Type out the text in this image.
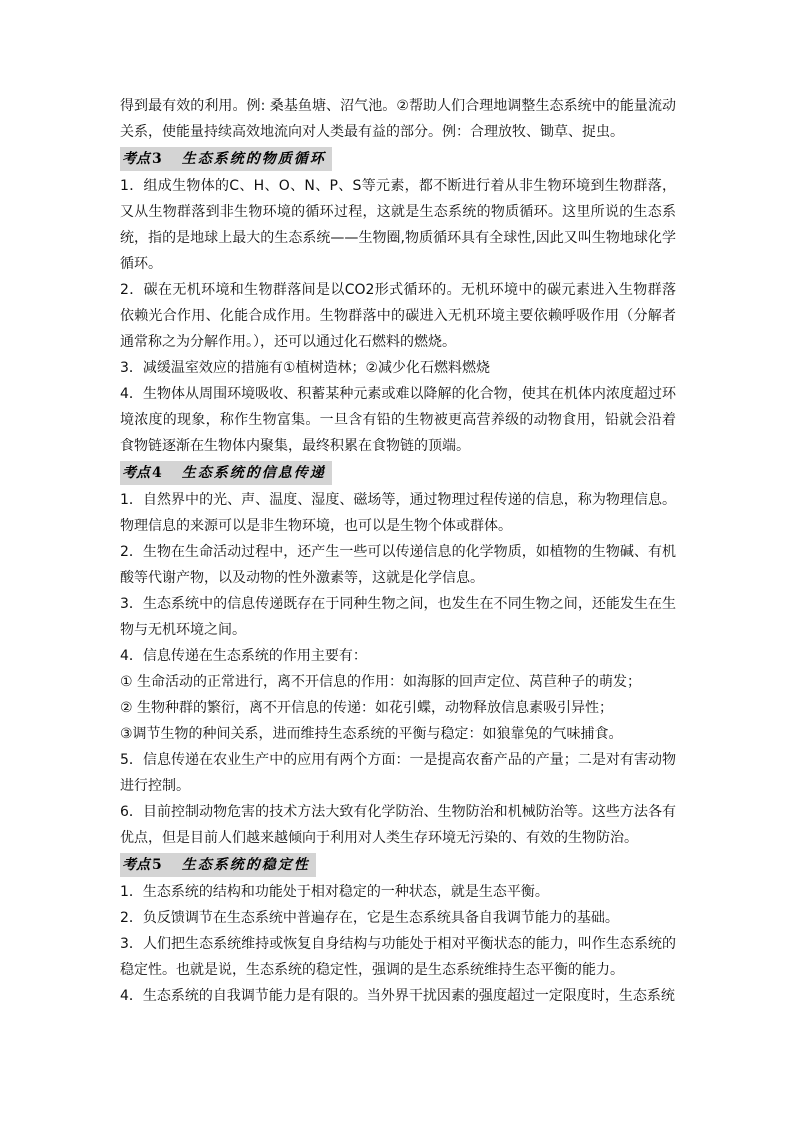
得到最有效的利用。例: 桑基鱼塘、沼气池。②帮助人们合理地调整生态系统中的能量流动关系，使能量持续高效地流向对人类最有益的部分。例：合理放牧、锄草、捉虫。

考点 3 生态系统的物质循环

1．组成生物体的C、H、O、N、P、S等元素，都不断进行着从非生物环境到生物群落，又从生物群落到非生物环境的循环过程，这就是生态系统的物质循环。这里所说的生态系统，指的是地球上最大的生态系统——生物圈,物质循环具有全球性,因此又叫生物地球化学循环。

2．碳在无机环境和生物群落间是以CO2形式循环的。无机环境中的碳元素进入生物群落依赖光合作用、化能合成作用。生物群落中的碳进入无机环境主要依赖呼吸作用（分解者通常称之为分解作用。），还可以通过化石燃料的燃烧。

3．减缓温室效应的措施有①植树造林；②减少化石燃料燃烧

4．生物体从周围环境吸收、积蓄某种元素或难以降解的化合物，使其在机体内浓度超过环境浓度的现象，称作生物富集。一旦含有铅的生物被更高营养级的动物食用，铅就会沿着食物链逐渐在生物体内聚集，最终积累在食物链的顶端。

考点 4 生态系统的信息传递

1．自然界中的光、声、温度、湿度、磁场等，通过物理过程传递的信息，称为物理信息。物理信息的来源可以是非生物环境，也可以是生物个体或群体。

2．生物在生命活动过程中，还产生一些可以传递信息的化学物质，如植物的生物碱、有机酸等代谢产物，以及动物的性外激素等，这就是化学信息。

3．生态系统中的信息传递既存在于同种生物之间，也发生在不同生物之间，还能发生在生物与无机环境之间。

4．信息传递在生态系统的作用主要有：

① 生命活动的正常进行，离不开信息的作用：如海豚的回声定位、莴苣种子的萌发；

② 生物种群的繁衍，离不开信息的传递：如花引蝶，动物释放信息素吸引异性；

③调节生物的种间关系，进而维持生态系统的平衡与稳定：如狼靠兔的气味捕食。

5．信息传递在农业生产中的应用有两个方面：一是提高农畜产品的产量；二是对有害动物进行控制。

6．目前控制动物危害的技术方法大致有化学防治、生物防治和机械防治等。这些方法各有优点，但是目前人们越来越倾向于利用对人类生存环境无污染的、有效的生物防治。

考点 5 生态系统的稳定性

1．生态系统的结构和功能处于相对稳定的一种状态，就是生态平衡。

2．负反馈调节在生态系统中普遍存在，它是生态系统具备自我调节能力的基础。

3．人们把生态系统维持或恢复自身结构与功能处于相对平衡状态的能力，叫作生态系统的稳定性。也就是说，生态系统的稳定性，强调的是生态系统维持生态平衡的能力。

4．生态系统的自我调节能力是有限的。当外界干扰因素的强度超过一定限度时，生态系统
